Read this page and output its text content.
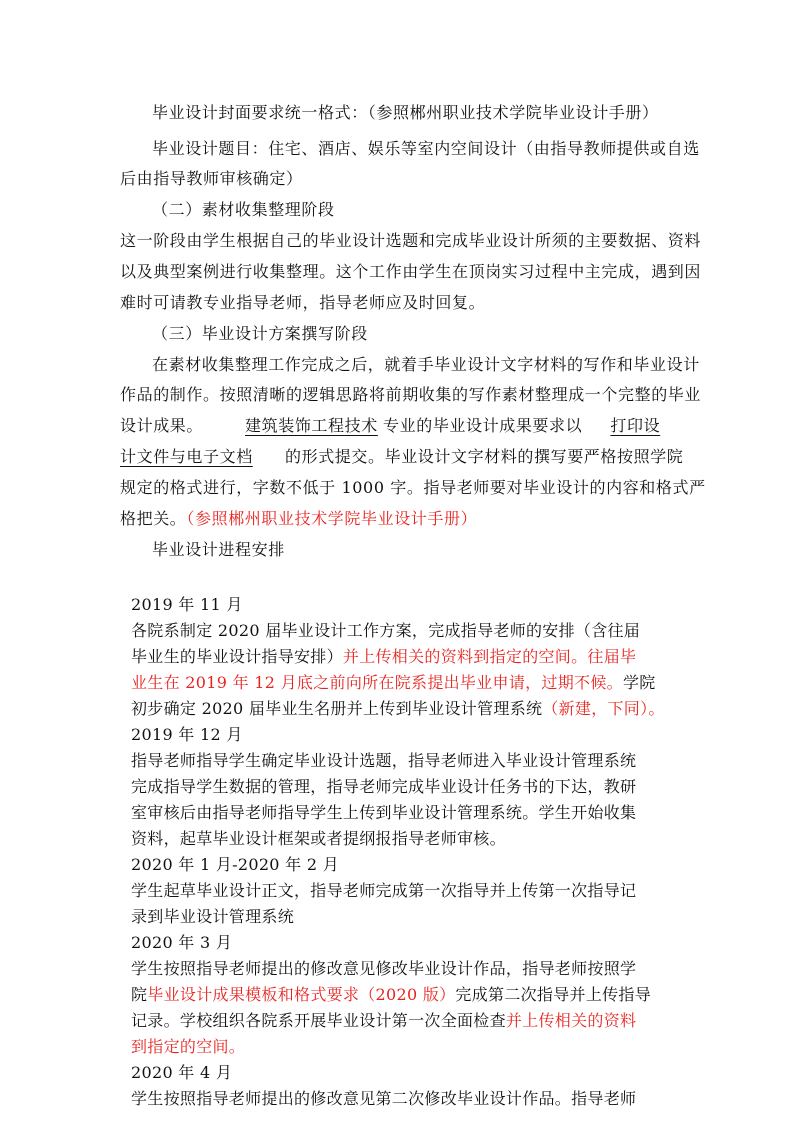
毕业设计封面要求统一格式：（参照郴州职业技术学院毕业设计手册）
毕业设计题目：住宅、酒店、娱乐等室内空间设计（由指导教师提供或自选
后由指导教师审核确定）
（二）素材收集整理阶段
这一阶段由学生根据自己的毕业设计选题和完成毕业设计所须的主要数据、资料
以及典型案例进行收集整理。这个工作由学生在顶岗实习过程中主完成，遇到因
难时可请教专业指导老师，指导老师应及时回复。
（三）毕业设计方案撰写阶段
在素材收集整理工作完成之后，就着手毕业设计文字材料的写作和毕业设计
作品的制作。按照清晰的逻辑思路将前期收集的写作素材整理成一个完整的毕业
设计成果。	建筑装饰工程技术 专业的毕业设计成果要求以 打印设
计文件与电子文档 的形式提交。毕业设计文字材料的撰写要严格按照学院
规定的格式进行，字数不低于 1000 字。指导老师要对毕业设计的内容和格式严
格把关。（参照郴州职业技术学院毕业设计手册）
毕业设计进程安排
2019 年 11 月
各院系制定 2020 届毕业设计工作方案，完成指导老师的安排（含往届
毕业生的毕业设计指导安排）并上传相关的资料到指定的空间。往届毕
业生在 2019 年 12 月底之前向所在院系提出毕业申请，过期不候。学院
初步确定 2020 届毕业生名册并上传到毕业设计管理系统（新建，下同）。
2019 年 12 月
指导老师指导学生确定毕业设计选题，指导老师进入毕业设计管理系统
完成指导学生数据的管理，指导老师完成毕业设计任务书的下达，教研
室审核后由指导老师指导学生上传到毕业设计管理系统。学生开始收集
资料，起草毕业设计框架或者提纲报指导老师审核。
2020 年 1 月-2020 年 2 月
学生起草毕业设计正文，指导老师完成第一次指导并上传第一次指导记
录到毕业设计管理系统
2020 年 3 月
学生按照指导老师提出的修改意见修改毕业设计作品，指导老师按照学
院毕业设计成果模板和格式要求（2020 版）完成第二次指导并上传指导
记录。学校组织各院系开展毕业设计第一次全面检查并上传相关的资料
到指定的空间。
2020 年 4 月
学生按照指导老师提出的修改意见第二次修改毕业设计作品。指导老师
